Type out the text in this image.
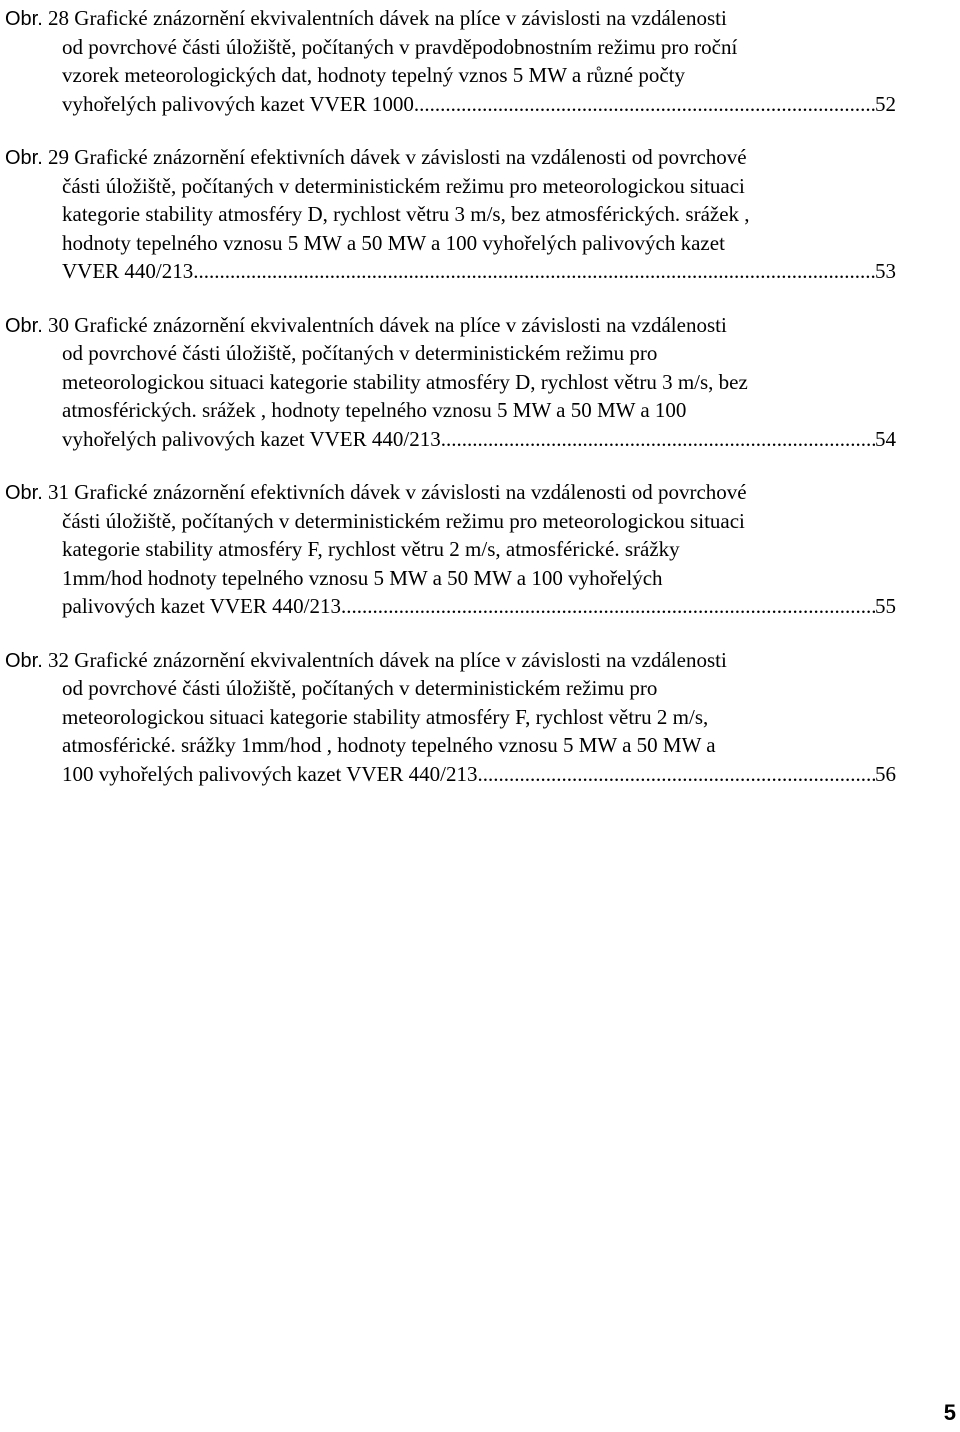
Obr. 28 Grafické znázornění ekvivalentních dávek na plíce v závislosti na vzdálenosti
od povrchové části úložiště, počítaných v pravděpodobnostním režimu pro roční
vzorek meteorologických dat, hodnoty tepelný vznos 5 MW a různé počty
vyhořelých palivových kazet VVER 1000. .....	52
Obr. 29 Grafické znázornění efektivních dávek v závislosti na vzdálenosti od povrchové
části úložiště, počítaných v deterministickém režimu pro meteorologickou situaci
kategorie stability atmosféry D, rychlost větru 3 m/s, bez atmosférických. srážek ,
hodnoty tepelného vznosu 5 MW a 50 MW a 100 vyhořelých palivových kazet
VVER 440/213 .....	53
Obr. 30 Grafické znázornění ekvivalentních dávek na plíce v závislosti na vzdálenosti
od povrchové části úložiště, počítaných v deterministickém režimu pro
meteorologickou situaci kategorie stability atmosféry D, rychlost větru 3 m/s, bez
atmosférických. srážek , hodnoty tepelného vznosu 5 MW a 50 MW a 100
vyhořelých palivových kazet VVER 440/213 .....	54
Obr. 31 Grafické znázornění efektivních dávek v závislosti na vzdálenosti od povrchové
části úložiště, počítaných v deterministickém režimu pro meteorologickou situaci
kategorie stability atmosféry F, rychlost větru 2 m/s, atmosférické. srážky
1mm/hod hodnoty tepelného vznosu 5 MW a 50 MW a 100 vyhořelých
palivových kazet VVER 440/213 .....	55
Obr. 32 Grafické znázornění ekvivalentních dávek na plíce v závislosti na vzdálenosti
od povrchové části úložiště, počítaných v deterministickém režimu pro
meteorologickou situaci kategorie stability atmosféry F, rychlost větru 2 m/s,
atmosférické. srážky 1mm/hod , hodnoty tepelného vznosu 5 MW a 50 MW a
100 vyhořelých palivových kazet VVER 440/213 .....	56
5
